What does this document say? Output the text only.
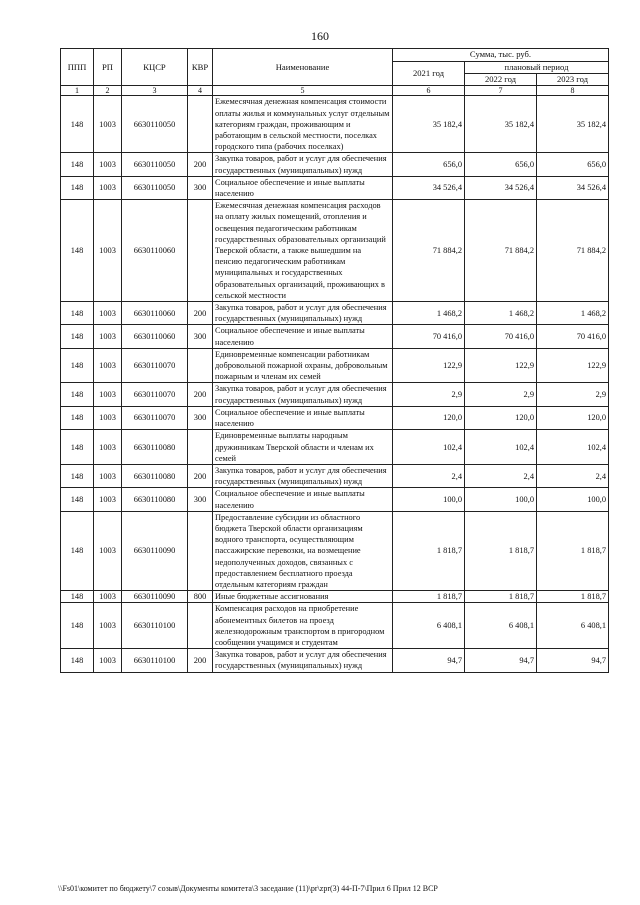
160
ППП	РП	КЦСР	КВР	Наименование	Сумма, тыс. руб.		
					2021 год	плановый период	
						2022 год	2023 год
1	2	3	4	5	6	7	8
148	1003	6630110050		Ежемесячная денежная компенсация стоимости оплаты жилья и коммунальных услуг отдельным категориям граждан, проживающим и работающим в сельской местности, поселках городского типа (рабочих поселках)	35 182,4	35 182,4	35 182,4
148	1003	6630110050	200	Закупка товаров, работ и услуг для обеспечения государственных (муниципальных) нужд	656,0	656,0	656,0
148	1003	6630110050	300	Социальное обеспечение и иные выплаты населению	34 526,4	34 526,4	34 526,4
148	1003	6630110060		Ежемесячная денежная компенсация расходов на оплату жилых помещений, отопления и освещения педагогическим работникам государственных образовательных организаций Тверской области, а также вышедшим на пенсию педагогическим работникам муниципальных и государственных образовательных организаций, проживающих в сельской местности	71 884,2	71 884,2	71 884,2
148	1003	6630110060	200	Закупка товаров, работ и услуг для обеспечения государственных (муниципальных) нужд	1 468,2	1 468,2	1 468,2
148	1003	6630110060	300	Социальное обеспечение и иные выплаты населению	70 416,0	70 416,0	70 416,0
148	1003	6630110070		Единовременные компенсации работникам добровольной пожарной охраны, добровольным пожарным и членам их семей	122,9	122,9	122,9
148	1003	6630110070	200	Закупка товаров, работ и услуг для обеспечения государственных (муниципальных) нужд	2,9	2,9	2,9
148	1003	6630110070	300	Социальное обеспечение и иные выплаты населению	120,0	120,0	120,0
148	1003	6630110080		Единовременные выплаты народным дружинникам Тверской области и членам их семей	102,4	102,4	102,4
148	1003	6630110080	200	Закупка товаров, работ и услуг для обеспечения государственных (муниципальных) нужд	2,4	2,4	2,4
148	1003	6630110080	300	Социальное обеспечение и иные выплаты населению	100,0	100,0	100,0
148	1003	6630110090		Предоставление субсидии из областного бюджета Тверской области организациям водного транспорта, осуществляющим пассажирские перевозки, на возмещение недополученных доходов, связанных с предоставлением бесплатного проезда отдельным категориям граждан	1 818,7	1 818,7	1 818,7
148	1003	6630110090	800	Иные бюджетные ассигнования	1 818,7	1 818,7	1 818,7
148	1003	6630110100		Компенсация расходов на приобретение абонементных билетов на проезд железнодорожным транспортом в пригородном сообщении учащимся и студентам	6 408,1	6 408,1	6 408,1
148	1003	6630110100	200	Закупка товаров, работ и услуг для обеспечения государственных (муниципальных) нужд	94,7	94,7	94,7
\\Fs01\комитет по бюджету\7 созыв\Документы комитета\3 заседание (11)\pr\zpr(3) 44-П-7\Прил 6 Прил 12 ВСР
